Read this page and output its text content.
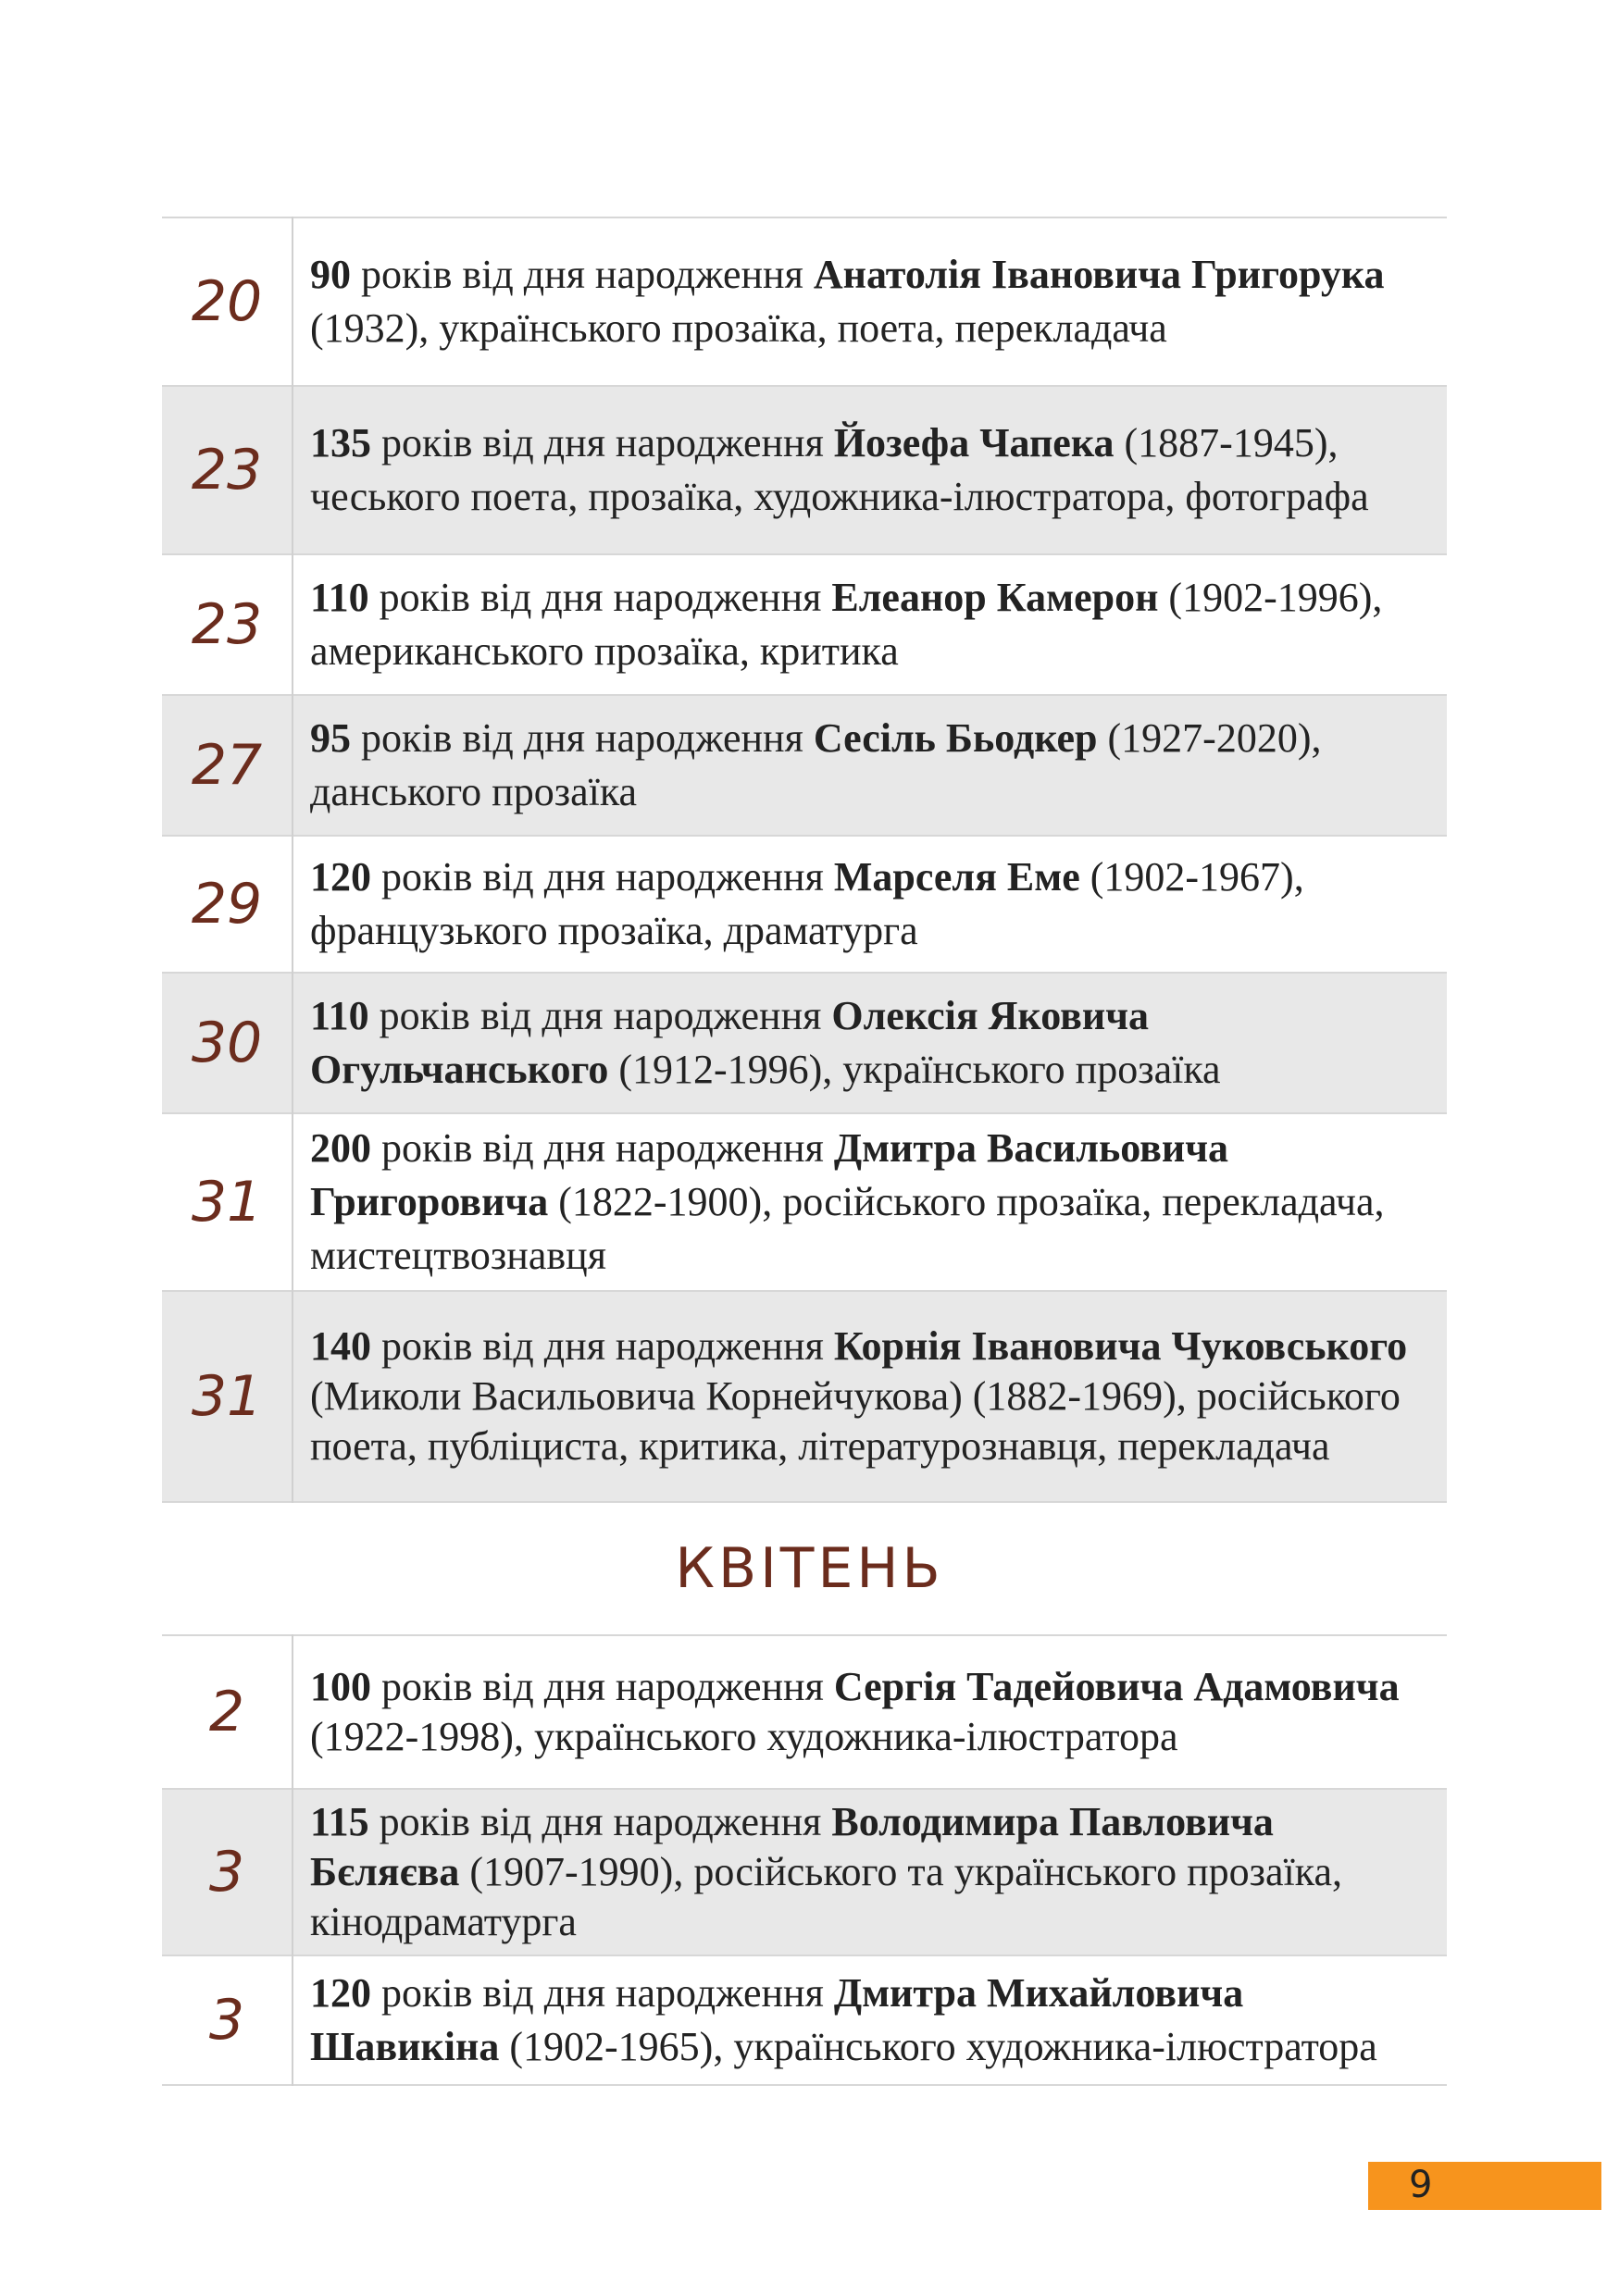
20	90 років від дня народження Анатолія Івановича Григорука (1932), українського прозаїка, поета, перекладача
23	135 років від дня народження Йозефа Чапека (1887-1945), чеського поета, прозаїка, художника-ілюстратора, фотографа
23	110 років від дня народження Елеанор Камерон (1902-1996), американського прозаїка, критика
27	95 років від дня народження Сесіль Бьодкер (1927-2020), данського прозаїка
29	120 років від дня народження Марселя Еме (1902-1967), французького прозаїка, драматурга
30	110 років від дня народження Олексія Яковича Огульчанського (1912-1996), українського прозаїка
31	200 років від дня народження Дмитра Васильовича Григоровича (1822-1900), російського прозаїка, перекладача, мистецтвознавця
31	140 років від дня народження Корнія Івановича Чуковського (Миколи Васильовича Корнейчукова) (1882-1969), російського поета, публіциста, критика, літературознавця, перекладача
КВІТЕНЬ
2	100 років від дня народження Сергія Тадейовича Адамовича (1922-1998), українського художника-ілюстратора
3	115 років від дня народження Володимира Павловича Бєляєва (1907-1990), російського та українського прозаїка, кінодраматурга
3	120 років від дня народження Дмитра Михайловича Шавикіна (1902-1965), українського художника-ілюстратора
9
